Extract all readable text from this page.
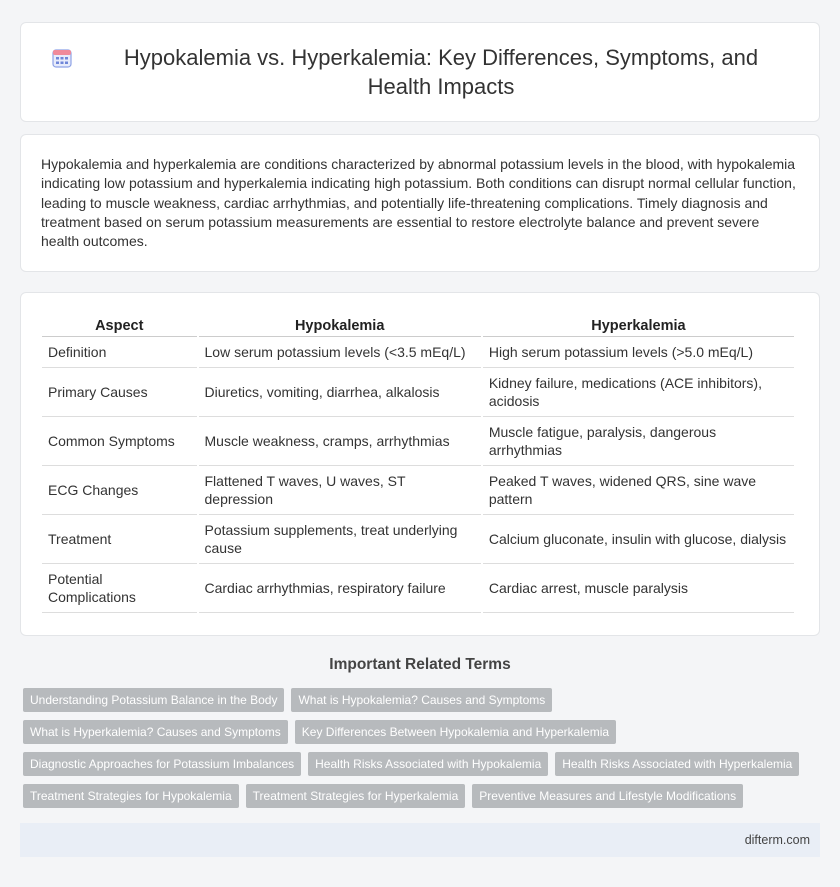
Hypokalemia vs. Hyperkalemia: Key Differences, Symptoms, and Health Impacts

Hypokalemia and hyperkalemia are conditions characterized by abnormal potassium levels in the blood, with hypokalemia indicating low potassium and hyperkalemia indicating high potassium. Both conditions can disrupt normal cellular function, leading to muscle weakness, cardiac arrhythmias, and potentially life-threatening complications. Timely diagnosis and treatment based on serum potassium measurements are essential to restore electrolyte balance and prevent severe health outcomes.

Aspect	Hypokalemia	Hyperkalemia
Definition	Low serum potassium levels (<3.5 mEq/L)	High serum potassium levels (>5.0 mEq/L)
Primary Causes	Diuretics, vomiting, diarrhea, alkalosis	Kidney failure, medications (ACE inhibitors), acidosis
Common Symptoms	Muscle weakness, cramps, arrhythmias	Muscle fatigue, paralysis, dangerous arrhythmias
ECG Changes	Flattened T waves, U waves, ST depression	Peaked T waves, widened QRS, sine wave pattern
Treatment	Potassium supplements, treat underlying cause	Calcium gluconate, insulin with glucose, dialysis
Potential Complications	Cardiac arrhythmias, respiratory failure	Cardiac arrest, muscle paralysis
Important Related Terms
Understanding Potassium Balance in the Body	What is Hypokalemia? Causes and Symptoms
What is Hyperkalemia? Causes and Symptoms	Key Differences Between Hypokalemia and Hyperkalemia
Diagnostic Approaches for Potassium Imbalances	Health Risks Associated with Hypokalemia	Health Risks Associated with Hyperkalemia
Treatment Strategies for Hypokalemia	Treatment Strategies for Hyperkalemia	Preventive Measures and Lifestyle Modifications
difterm.com
